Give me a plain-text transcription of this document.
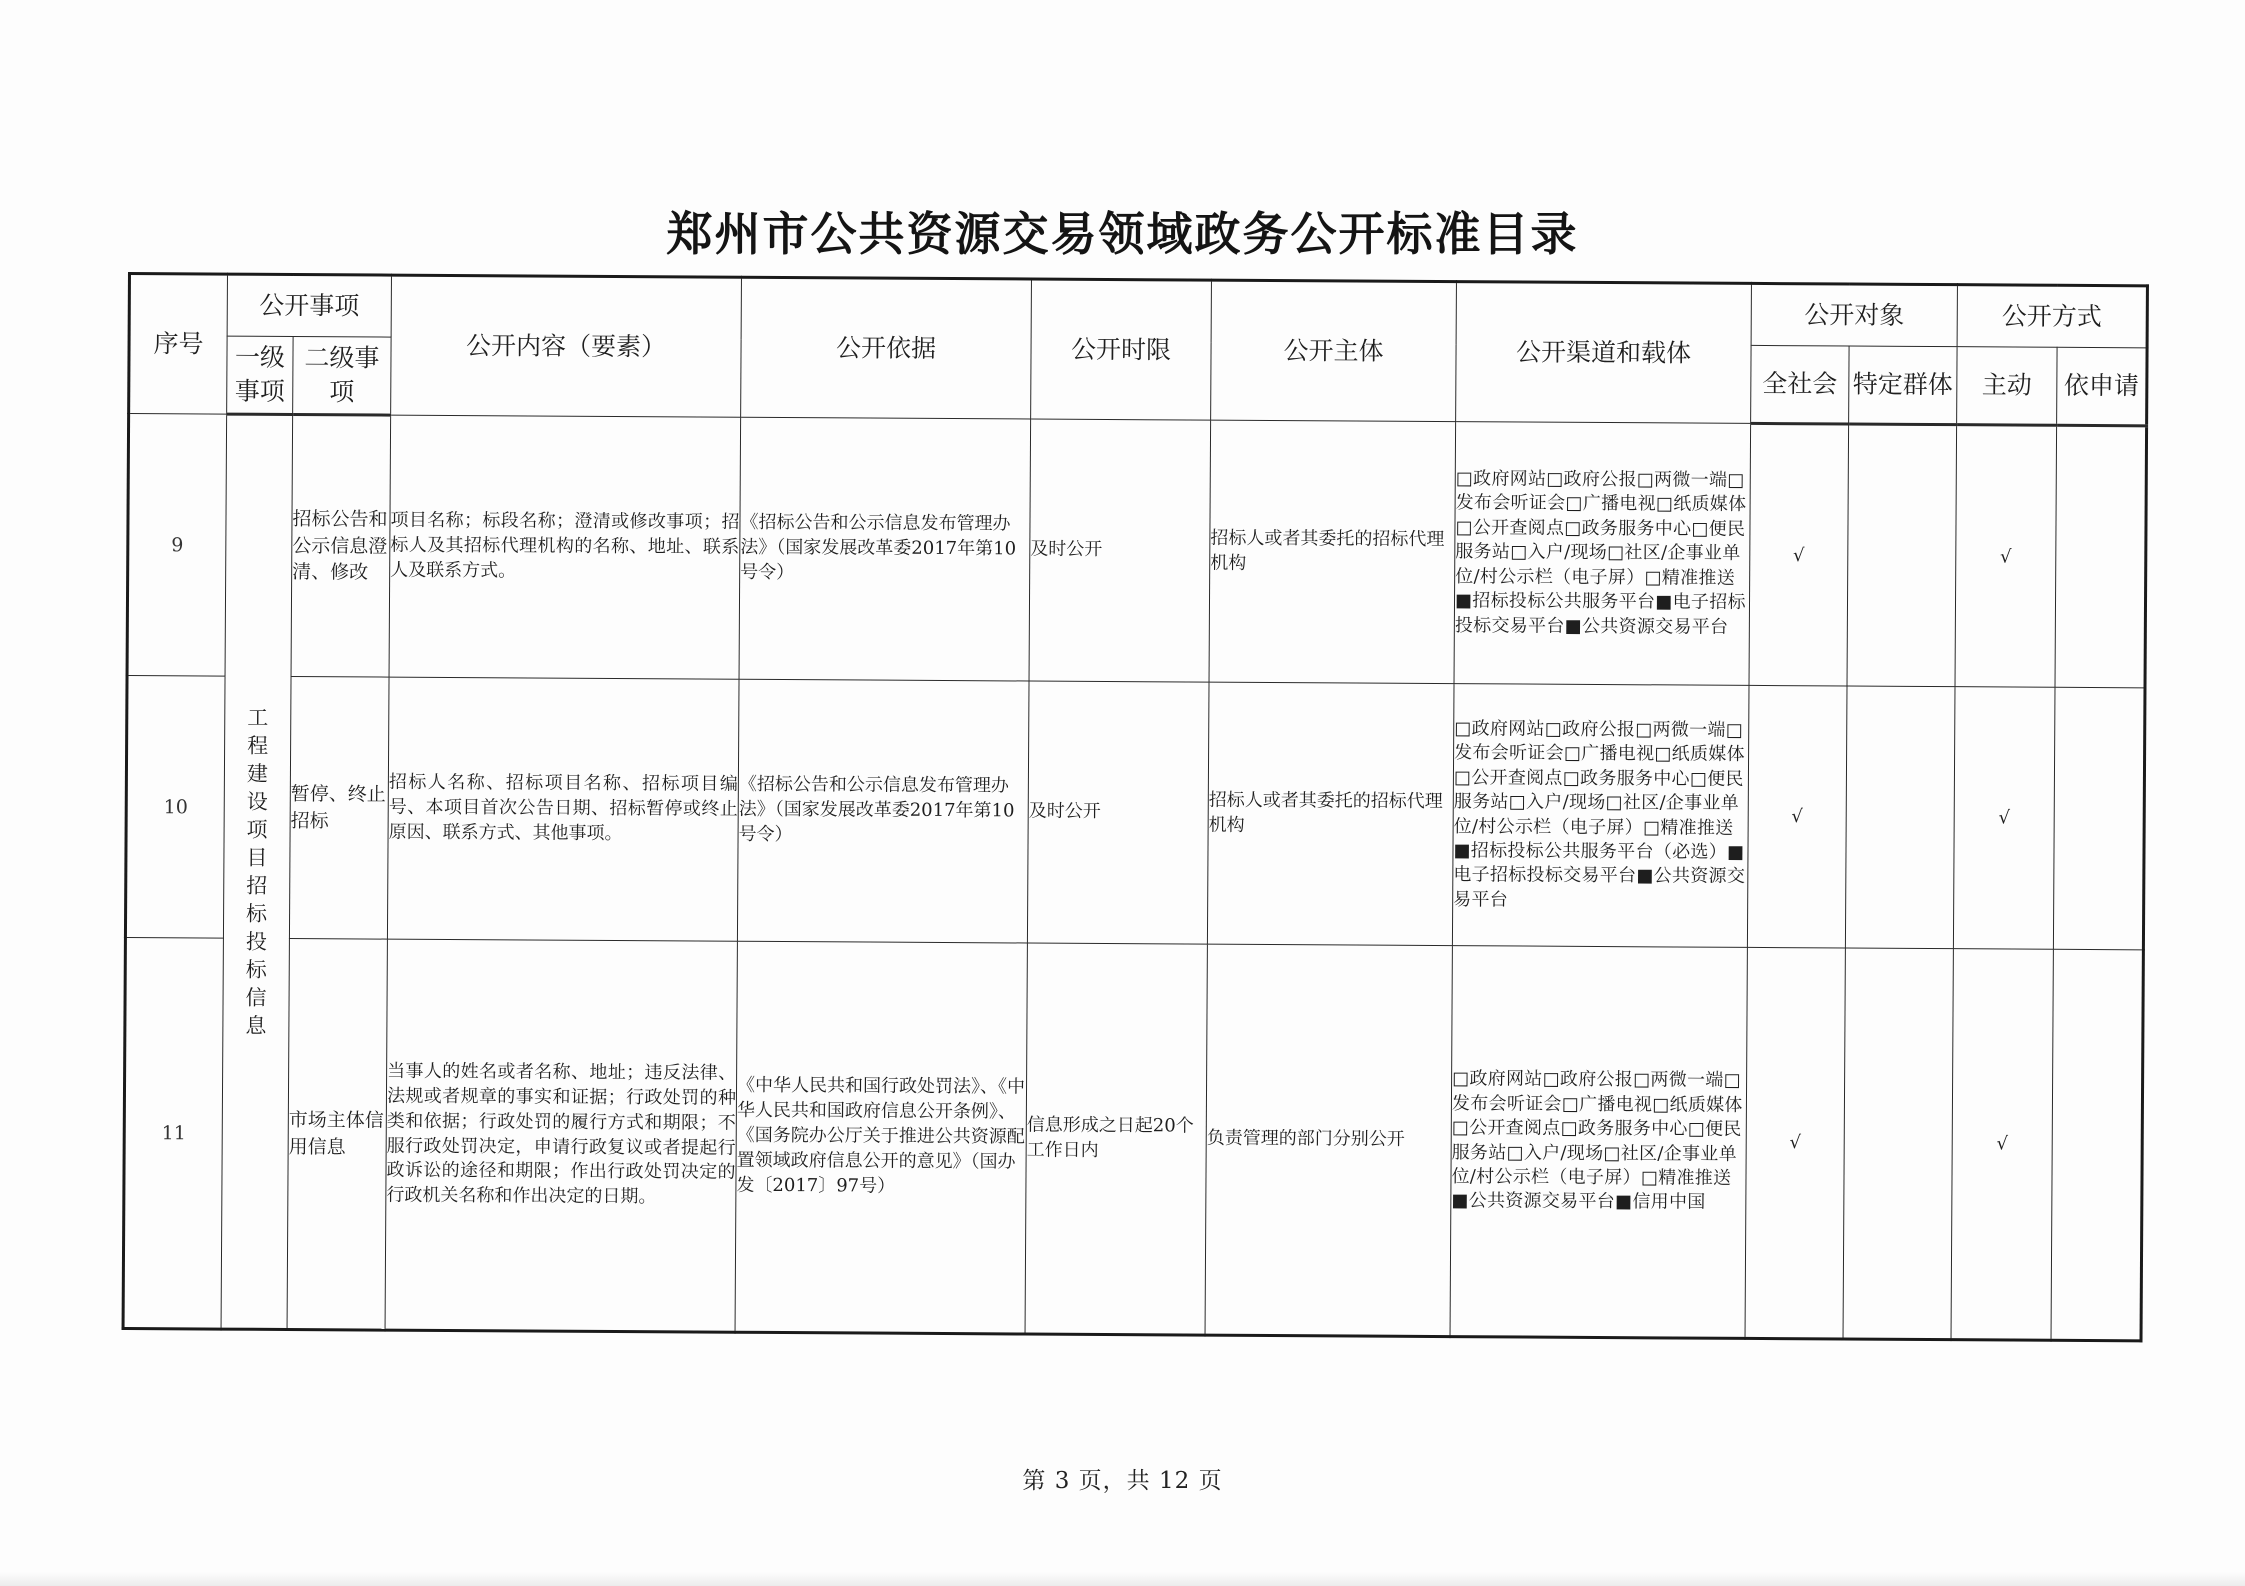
郑州市公共资源交易领域政务公开标准目录
序号	公开事项		公开内容（要素）	公开依据	公开时限	公开主体	公开渠道和载体	公开对象		公开方式	
	一级事项	二级事项						全社会	特定群体	主动	依申请
9	工程建设项目招标投标信息	招标公告和公示信息澄清、修改	项目名称；标段名称；澄清或修改事项；招标人及其招标代理机构的名称、地址、联系人及联系方式。	《招标公告和公示信息发布管理办法》（国家发展改革委2017年第10号令）	及时公开	招标人或者其委托的招标代理机构	□政府网站□政府公报□两微一端□发布会听证会□广播电视□纸质媒体□公开查阅点□政务服务中心□便民服务站□入户/现场□社区/企事业单位/村公示栏（电子屏）□精准推送■招标投标公共服务平台■电子招标投标交易平台■公共资源交易平台	√		√	
10		暂停、终止招标	招标人名称、招标项目名称、招标项目编号、本项目首次公告日期、招标暂停或终止原因、联系方式、其他事项。	《招标公告和公示信息发布管理办法》（国家发展改革委2017年第10号令）	及时公开	招标人或者其委托的招标代理机构	□政府网站□政府公报□两微一端□发布会听证会□广播电视□纸质媒体□公开查阅点□政务服务中心□便民服务站□入户/现场□社区/企事业单位/村公示栏（电子屏）□精准推送■招标投标公共服务平台（必选）■电子招标投标交易平台■公共资源交易平台	√		√	
11		市场主体信用信息	当事人的姓名或者名称、地址；违反法律、法规或者规章的事实和证据；行政处罚的种类和依据；行政处罚的履行方式和期限；不服行政处罚决定，申请行政复议或者提起行政诉讼的途径和期限；作出行政处罚决定的行政机关名称和作出决定的日期。	《中华人民共和国行政处罚法》、《中华人民共和国政府信息公开条例》、《国务院办公厅关于推进公共资源配置领域政府信息公开的意见》（国办发〔2017〕97号）	信息形成之日起20个工作日内	负责管理的部门分别公开	□政府网站□政府公报□两微一端□发布会听证会□广播电视□纸质媒体□公开查阅点□政务服务中心□便民服务站□入户/现场□社区/企事业单位/村公示栏（电子屏）□精准推送■公共资源交易平台■信用中国	√		√	
第 3 页，共 12 页
